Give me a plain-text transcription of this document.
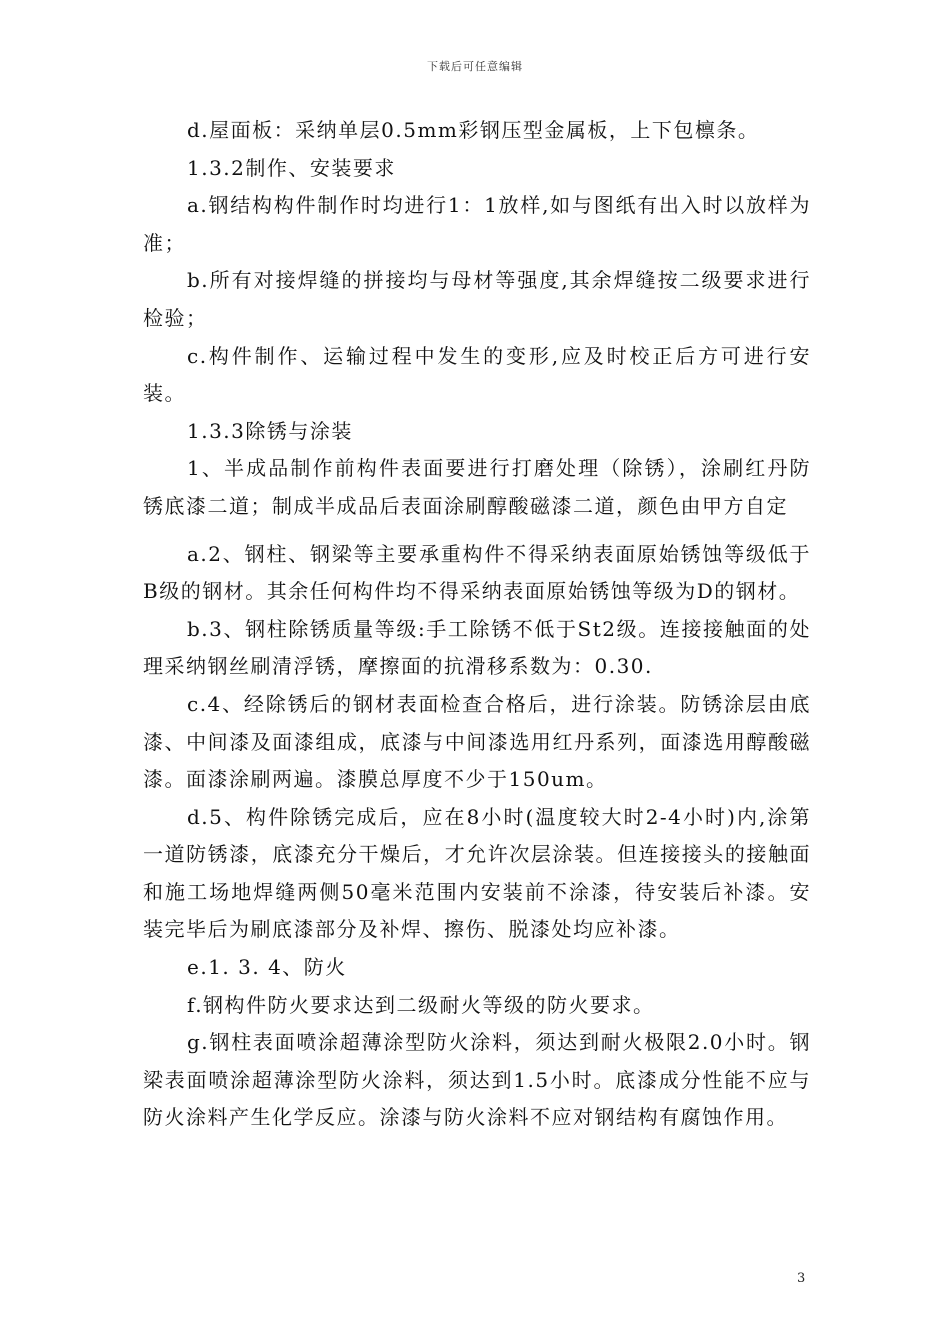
下载后可任意编辑

d.屋面板：采纳单层0.5mm彩钢压型金属板，上下包檩条。

1.3.2制作、安装要求

a.钢结构构件制作时均进行1：1放样,如与图纸有出入时以放样为准；

b.所有对接焊缝的拼接均与母材等强度,其余焊缝按二级要求进行检验；

c.构件制作、运输过程中发生的变形,应及时校正后方可进行安装。

1.3.3除锈与涂装

1、半成品制作前构件表面要进行打磨处理（除锈），涂刷红丹防锈底漆二道；制成半成品后表面涂刷醇酸磁漆二道，颜色由甲方自定

a.2、钢柱、钢梁等主要承重构件不得采纳表面原始锈蚀等级低于B级的钢材。其余任何构件均不得采纳表面原始锈蚀等级为D的钢材。

b.3、钢柱除锈质量等级:手工除锈不低于St2级。连接接触面的处理采纳钢丝刷清浮锈，摩擦面的抗滑移系数为：0.30.

c.4、经除锈后的钢材表面检查合格后，进行涂装。防锈涂层由底漆、中间漆及面漆组成，底漆与中间漆选用红丹系列，面漆选用醇酸磁漆。面漆涂刷两遍。漆膜总厚度不少于150um。

d.5、构件除锈完成后，应在8小时(温度较大时2-4小时)内,涂第一道防锈漆，底漆充分干燥后，才允许次层涂装。但连接接头的接触面和施工场地焊缝两侧50毫米范围内安装前不涂漆，待安装后补漆。安装完毕后为刷底漆部分及补焊、擦伤、脱漆处均应补漆。

e.1. 3. 4、防火

f.钢构件防火要求达到二级耐火等级的防火要求。

g.钢柱表面喷涂超薄涂型防火涂料，须达到耐火极限2.0小时。钢梁表面喷涂超薄涂型防火涂料，须达到1.5小时。底漆成分性能不应与防火涂料产生化学反应。涂漆与防火涂料不应对钢结构有腐蚀作用。

3
